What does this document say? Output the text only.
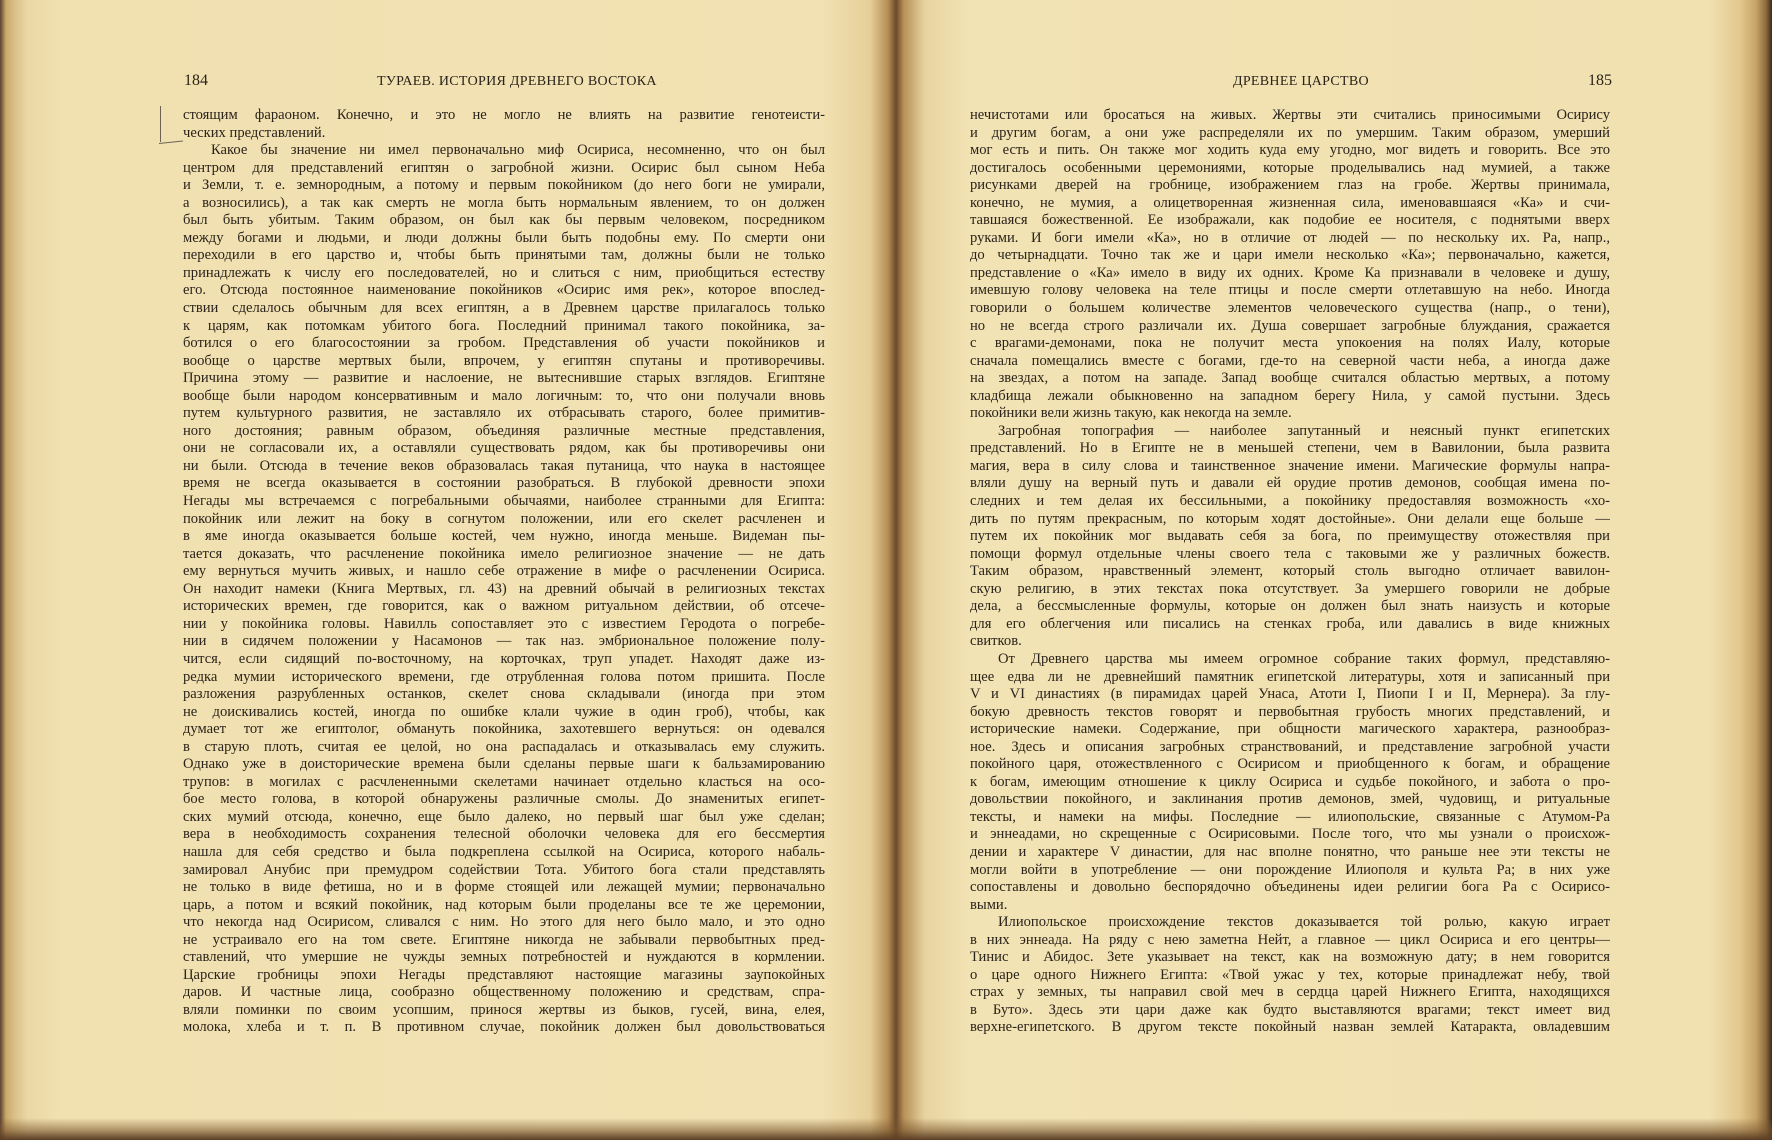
184	ТУРАЕВ. ИСТОРИЯ ДРЕВНЕГО ВОСТОКА
стоящим фараоном. Конечно, и это не могло не влиять на развитие генотеисти-
ческих представлений.
Какое бы значение ни имел первоначально миф Осириса, несомненно, что он был
центром для представлений египтян о загробной жизни. Осирис был сыном Неба
и Земли, т. е. земнородным, а потому и первым покойником (до него боги не умирали,
а возносились), а так как смерть не могла быть нормальным явлением, то он должен
был быть убитым. Таким образом, он был как бы первым человеком, посредником
между богами и людьми, и люди должны были быть подобны ему. По смерти они
переходили в его царство и, чтобы быть принятыми там, должны были не только
принадлежать к числу его последователей, но и слиться с ним, приобщиться естеству
его. Отсюда постоянное наименование покойников «Осирис имя рек», которое впослед-
ствии сделалось обычным для всех египтян, а в Древнем царстве прилагалось только
к царям, как потомкам убитого бога. Последний принимал такого покойника, за-
ботился о его благосостоянии за гробом. Представления об участи покойников и
вообще о царстве мертвых были, впрочем, у египтян спутаны и противоречивы.
Причина этому — развитие и наслоение, не вытеснившие старых взглядов. Египтяне
вообще были народом консервативным и мало логичным: то, что они получали вновь
путем культурного развития, не заставляло их отбрасывать старого, более примитив-
ного достояния; равным образом, объединяя различные местные представления,
они не согласовали их, а оставляли существовать рядом, как бы противоречивы они
ни были. Отсюда в течение веков образовалась такая путаница, что наука в настоящее
время не всегда оказывается в состоянии разобраться. В глубокой древности эпохи
Негады мы встречаемся с погребальными обычаями, наиболее странными для Египта:
покойник или лежит на боку в согнутом положении, или его скелет расчленен и
в яме иногда оказывается больше костей, чем нужно, иногда меньше. Видеман пы-
тается доказать, что расчленение покойника имело религиозное значение — не дать
ему вернуться мучить живых, и нашло себе отражение в мифе о расчленении Осириса.
Он находит намеки (Книга Мертвых, гл. 43) на древний обычай в религиозных текстах
исторических времен, где говорится, как о важном ритуальном действии, об отсече-
нии у покойника головы. Навилль сопоставляет это с известием Геродота о погребе-
нии в сидячем положении у Насамонов — так наз. эмбриональное положение полу-
чится, если сидящий по-восточному, на корточках, труп упадет. Находят даже из-
редка мумии исторического времени, где отрубленная голова потом пришита. После
разложения разрубленных останков, скелет снова складывали (иногда при этом
не доискивались костей, иногда по ошибке клали чужие в один гроб), чтобы, как
думает тот же египтолог, обмануть покойника, захотевшего вернуться: он одевался
в старую плоть, считая ее целой, но она распадалась и отказывалась ему служить.
Однако уже в доисторические времена были сделаны первые шаги к бальзамированию
трупов: в могилах с расчлененными скелетами начинает отдельно класться на осо-
бое место голова, в которой обнаружены различные смолы. До знаменитых египет-
ских мумий отсюда, конечно, еще было далеко, но первый шаг был уже сделан;
вера в необходимость сохранения телесной оболочки человека для его бессмертия
нашла для себя средство и была подкреплена ссылкой на Осириса, которого набаль-
замировал Анубис при премудром содействии Тота. Убитого бога стали представлять
не только в виде фетиша, но и в форме стоящей или лежащей мумии; первоначально
царь, а потом и всякий покойник, над которым были проделаны все те же церемонии,
что некогда над Осирисом, сливался с ним. Но этого для него было мало, и это одно
не устраивало его на том свете. Египтяне никогда не забывали первобытных пред-
ставлений, что умершие не чужды земных потребностей и нуждаются в кормлении.
Царские гробницы эпохи Негады представляют настоящие магазины заупокойных
даров. И частные лица, сообразно общественному положению и средствам, спра-
вляли поминки по своим усопшим, принося жертвы из быков, гусей, вина, елея,
молока, хлеба и т. п. В противном случае, покойник должен был довольствоваться
ДРЕВНЕЕ ЦАРСТВО	185
нечистотами или бросаться на живых. Жертвы эти считались приносимыми Осирису
и другим богам, а они уже распределяли их по умершим. Таким образом, умерший
мог есть и пить. Он также мог ходить куда ему угодно, мог видеть и говорить. Все это
достигалось особенными церемониями, которые проделывались над мумией, а также
рисунками дверей на гробнице, изображением глаз на гробе. Жертвы принимала,
конечно, не мумия, а олицетворенная жизненная сила, именовавшаяся «Ка» и счи-
тавшаяся божественной. Ее изображали, как подобие ее носителя, с поднятыми вверх
руками. И боги имели «Ка», но в отличие от людей — по нескольку их. Ра, напр.,
до четырнадцати. Точно так же и цари имели несколько «Ка»; первоначально, кажется,
представление о «Ка» имело в виду их одних. Кроме Ка признавали в человеке и душу,
имевшую голову человека на теле птицы и после смерти отлетавшую на небо. Иногда
говорили о большем количестве элементов человеческого существа (напр., о тени),
но не всегда строго различали их. Душа совершает загробные блуждания, сражается
с врагами-демонами, пока не получит места упокоения на полях Иалу, которые
сначала помещались вместе с богами, где-то на северной части неба, а иногда даже
на звездах, а потом на западе. Запад вообще считался областью мертвых, а потому
кладбища лежали обыкновенно на западном берегу Нила, у самой пустыни. Здесь
покойники вели жизнь такую, как некогда на земле.
Загробная топография — наиболее запутанный и неясный пункт египетских
представлений. Но в Египте не в меньшей степени, чем в Вавилонии, была развита
магия, вера в силу слова и таинственное значение имени. Магические формулы напра-
вляли душу на верный путь и давали ей орудие против демонов, сообщая имена по-
следних и тем делая их бессильными, а покойнику предоставляя возможность «хо-
дить по путям прекрасным, по которым ходят достойные». Они делали еще больше —
путем их покойник мог выдавать себя за бога, по преимуществу отожествляя при
помощи формул отдельные члены своего тела с таковыми же у различных божеств.
Таким образом, нравственный элемент, который столь выгодно отличает вавилон-
скую религию, в этих текстах пока отсутствует. За умершего говорили не добрые
дела, а бессмысленные формулы, которые он должен был знать наизусть и которые
для его облегчения или писались на стенках гроба, или давались в виде книжных
свитков.
От Древнего царства мы имеем огромное собрание таких формул, представляю-
щее едва ли не древнейший памятник египетской литературы, хотя и записанный при
V и VI династиях (в пирамидах царей Унаса, Атоти I, Пиопи I и II, Мернера). За глу-
бокую древность текстов говорят и первобытная грубость многих представлений, и
исторические намеки. Содержание, при общности магического характера, разнообраз-
ное. Здесь и описания загробных странствований, и представление загробной участи
покойного царя, отожествленного с Осирисом и приобщенного к богам, и обращение
к богам, имеющим отношение к циклу Осириса и судьбе покойного, и забота о про-
довольствии покойного, и заклинания против демонов, змей, чудовищ, и ритуальные
тексты, и намеки на мифы. Последние — илиопольские, связанные с Атумом-Ра
и эннеадами, но скрещенные с Осирисовыми. После того, что мы узнали о происхож-
дении и характере V династии, для нас вполне понятно, что раньше нее эти тексты не
могли войти в употребление — они порождение Илиополя и культа Ра; в них уже
сопоставлены и довольно беспорядочно объединены идеи религии бога Ра с Осирисо-
выми.
Илиопольское происхождение текстов доказывается той ролью, какую играет
в них эннеада. На ряду с нею заметна Нейт, а главное — цикл Осириса и его центры—
Тинис и Абидос. Зете указывает на текст, как на возможную дату; в нем говорится
о царе одного Нижнего Египта: «Твой ужас у тех, которые принадлежат небу, твой
страх у земных, ты направил свой меч в сердца царей Нижнего Египта, находящихся
в Буто». Здесь эти цари даже как будто выставляются врагами; текст имеет вид
верхне-египетского. В другом тексте покойный назван землей Катаракта, овладевшим
